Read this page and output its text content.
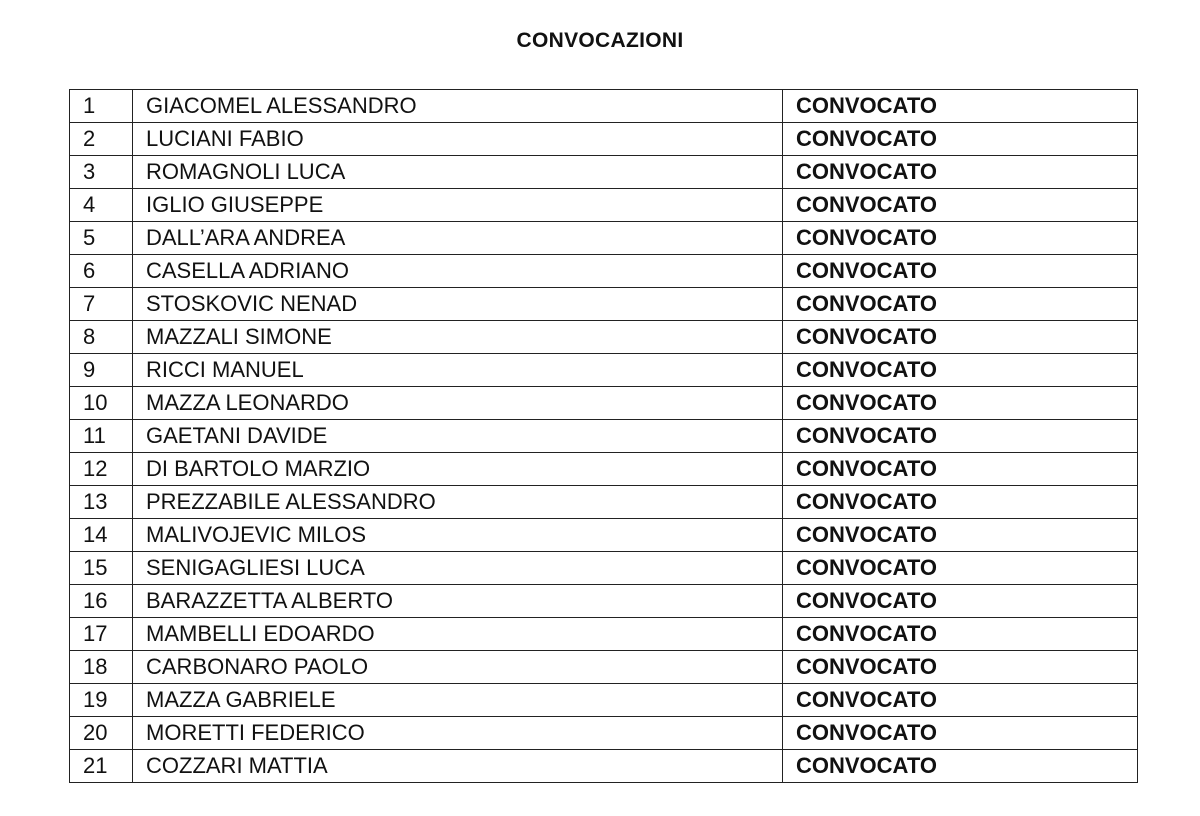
CONVOCAZIONI
1	GIACOMEL ALESSANDRO	CONVOCATO
2	LUCIANI FABIO	CONVOCATO
3	ROMAGNOLI LUCA	CONVOCATO
4	IGLIO GIUSEPPE	CONVOCATO
5	DALL’ARA ANDREA	CONVOCATO
6	CASELLA ADRIANO	CONVOCATO
7	STOSKOVIC NENAD	CONVOCATO
8	MAZZALI SIMONE	CONVOCATO
9	RICCI MANUEL	CONVOCATO
10	MAZZA LEONARDO	CONVOCATO
11	GAETANI DAVIDE	CONVOCATO
12	DI BARTOLO MARZIO	CONVOCATO
13	PREZZABILE ALESSANDRO	CONVOCATO
14	MALIVOJEVIC MILOS	CONVOCATO
15	SENIGAGLIESI LUCA	CONVOCATO
16	BARAZZETTA ALBERTO	CONVOCATO
17	MAMBELLI EDOARDO	CONVOCATO
18	CARBONARO PAOLO	CONVOCATO
19	MAZZA GABRIELE	CONVOCATO
20	MORETTI FEDERICO	CONVOCATO
21	COZZARI MATTIA	CONVOCATO
